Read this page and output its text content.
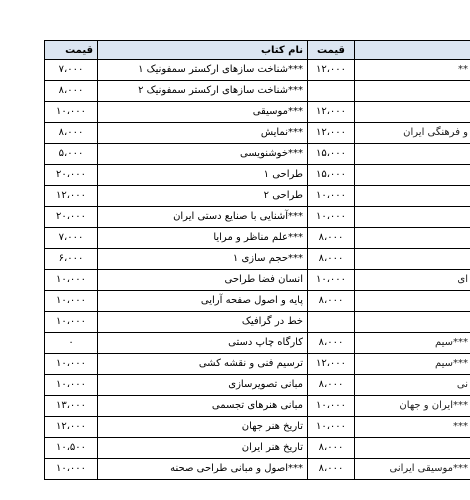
قیمت	نام کتاب	قیمت
۷،۰۰۰	شناخت سازهای ارکستر سمفونیک ۱***	۱۲،۰۰۰	**
۸،۰۰۰	شناخت سازهای ارکستر سمفونیک ۲***
۱۰،۰۰۰	موسیقی***	۱۲،۰۰۰
۸،۰۰۰	نمایش***	۱۲،۰۰۰	و فرهنگی ایران
۵،۰۰۰	خوشنویسی***	۱۵،۰۰۰
۲۰،۰۰۰	طراحی ۱	۱۵،۰۰۰
۱۲،۰۰۰	طراحی ۲	۱۰،۰۰۰
۲۰،۰۰۰	آشنایی با صنایع دستی ایران***	۱۰،۰۰۰
۷،۰۰۰	علم مناظر و مرایا***	۸،۰۰۰
۶،۰۰۰	حجم سازی ۱***	۸،۰۰۰
۱۰،۰۰۰	انسان فضا طراحی	۱۰،۰۰۰	ای
۱۰،۰۰۰	پایه و اصول صفحه آرایی	۸،۰۰۰
۱۰،۰۰۰	خط در گرافیک
۰	کارگاه چاپ دستی	۸،۰۰۰	سیم***
۱۰،۰۰۰	ترسیم فنی و نقشه کشی	۱۲،۰۰۰	سیم***
۱۰،۰۰۰	مبانی تصویرسازی	۸،۰۰۰	نی
۱۳،۰۰۰	مبانی هنرهای تجسمی	۱۰،۰۰۰	ایران و جهان***
۱۲،۰۰۰	تاریخ هنر جهان	۱۰،۰۰۰	***
۱۰،۵۰۰	تاریخ هنر ایران	۸،۰۰۰
۱۰،۰۰۰	اصول و مبانی طراحی صحنه***	۸،۰۰۰	موسیقی ایرانی***
